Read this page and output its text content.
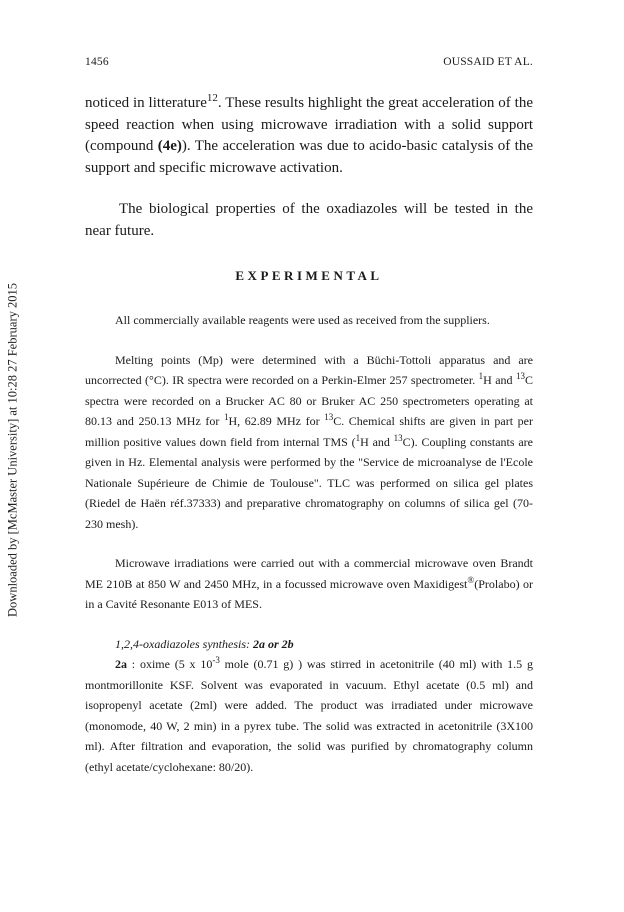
Downloaded by [McMaster University] at 10:28 27 February 2015
1456	OUSSAID ET AL.

noticed in litterature$^{12}$. These results highlight the great acceleration of the speed reaction when using microwave irradiation with a solid support (compound (4e)). The acceleration was due to acido-basic catalysis of the support and specific microwave activation.

The biological properties of the oxadiazoles will be tested in the near future.

EXPERIMENTAL

All commercially available reagents were used as received from the suppliers.

Melting points (Mp) were determined with a Büchi-Tottoli apparatus and are uncorrected (°C). IR spectra were recorded on a Perkin-Elmer 257 spectrometer. $^1$H and $^{13}$C spectra were recorded on a Brucker AC 80 or Bruker AC 250 spectrometers operating at 80.13 and 250.13 MHz for $^1$H, 62.89 MHz for $^{13}$C. Chemical shifts are given in part per million positive values down field from internal TMS ($^1$H and $^{13}$C). Coupling constants are given in Hz. Elemental analysis were performed by the "Service de microanalyse de l'Ecole Nationale Supérieure de Chimie de Toulouse". TLC was performed on silica gel plates (Riedel de Haën réf.37333) and preparative chromatography on columns of silica gel (70-230 mesh).

Microwave irradiations were carried out with a commercial microwave oven Brandt ME 210B at 850 W and 2450 MHz, in a focussed microwave oven Maxidigest®(Prolabo) or in a Cavité Resonante E013 of MES.

1,2,4-oxadiazoles synthesis: 2a or 2b

2a : oxime (5 x $10^{-3}$ mole (0.71 g) ) was stirred in acetonitrile (40 ml) with 1.5 g montmorillonite KSF. Solvent was evaporated in vacuum. Ethyl acetate (0.5 ml) and isopropenyl acetate (2ml) were added. The product was irradiated under microwave (monomode, 40 W, 2 min) in a pyrex tube. The solid was extracted in acetonitrile (3X100 ml). After filtration and evaporation, the solid was purified by chromatography column (ethyl acetate/cyclohexane: 80/20).
